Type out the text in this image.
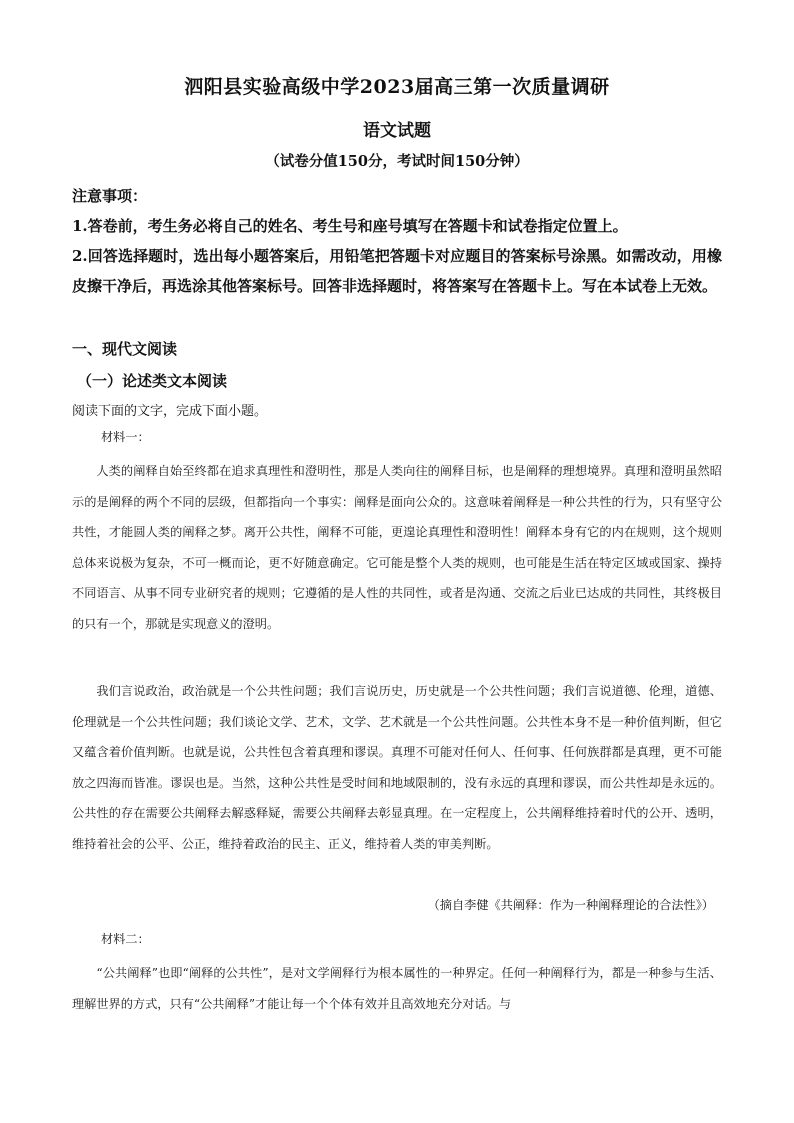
泗阳县实验高级中学2023届高三第一次质量调研
语文试题
（试卷分值150分，考试时间150分钟）

注意事项：

1.答卷前，考生务必将自己的姓名、考生号和座号填写在答题卡和试卷指定位置上。

2.回答选择题时，选出每小题答案后，用铅笔把答题卡对应题目的答案标号涂黑。如需改动，用橡皮擦干净后，再选涂其他答案标号。回答非选择题时，将答案写在答题卡上。写在本试卷上无效。

一、现代文阅读
（一）论述类文本阅读
阅读下面的文字，完成下面小题。
材料一：

人类的阐释自始至终都在追求真理性和澄明性，那是人类向往的阐释目标，也是阐释的理想境界。真理和澄明虽然昭示的是阐释的两个不同的层级，但都指向一个事实：阐释是面向公众的。这意味着阐释是一种公共性的行为，只有坚守公共性，才能圆人类的阐释之梦。离开公共性，阐释不可能，更遑论真理性和澄明性！阐释本身有它的内在规则，这个规则总体来说极为复杂，不可一概而论，更不好随意确定。它可能是整个人类的规则，也可能是生活在特定区域或国家、操持不同语言、从事不同专业研究者的规则；它遵循的是人性的共同性，或者是沟通、交流之后业已达成的共同性，其终极目的只有一个，那就是实现意义的澄明。

我们言说政治，政治就是一个公共性问题；我们言说历史，历史就是一个公共性问题；我们言说道德、伦理，道德、伦理就是一个公共性问题；我们谈论文学、艺术，文学、艺术就是一个公共性问题。公共性本身不是一种价值判断，但它又蕴含着价值判断。也就是说，公共性包含着真理和谬误。真理不可能对任何人、任何事、任何族群都是真理，更不可能放之四海而皆准。谬误也是。当然，这种公共性是受时间和地域限制的，没有永远的真理和谬误，而公共性却是永远的。公共性的存在需要公共阐释去解惑释疑，需要公共阐释去彰显真理。在一定程度上，公共阐释维持着时代的公开、透明，维持着社会的公平、公正，维持着政治的民主、正义，维持着人类的审美判断。

（摘自李健《共阐释：作为一种阐释理论的合法性》）
材料二：

“公共阐释”也即“阐释的公共性”，是对文学阐释行为根本属性的一种界定。任何一种阐释行为，都是一种参与生活、理解世界的方式，只有“公共阐释”才能让每一个个体有效并且高效地充分对话。与
